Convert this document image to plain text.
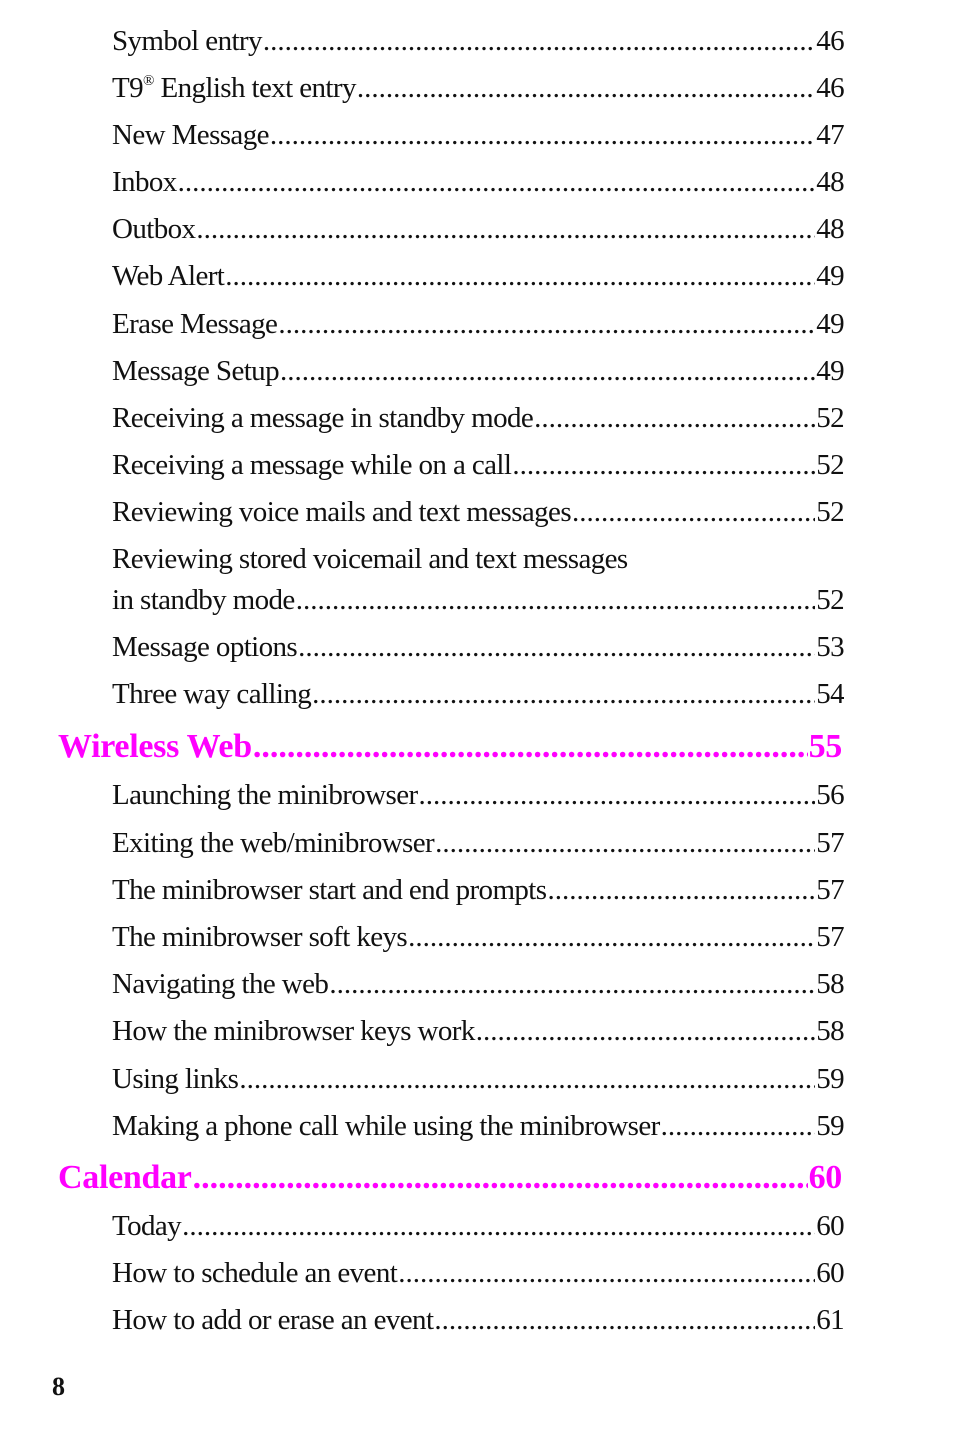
Symbol entry .....	46
T9® English text entry .....	46
New Message .....	47
Inbox .....	48
Outbox .....	48
Web Alert .....	49
Erase Message .....	49
Message Setup .....	49
Receiving a message in standby mode .....	52
Receiving a message while on a call .....	52
Reviewing voice mails and text messages .....	52
Reviewing stored voicemail and text messages
in standby mode .....	52
Message options .....	53
Three way calling .....	54
Wireless Web .....	55
Launching the minibrowser .....	56
Exiting the web/minibrowser .....	57
The minibrowser start and end prompts .....	57
The minibrowser soft keys .....	57
Navigating the web .....	58
How the minibrowser keys work .....	58
Using links .....	59
Making a phone call while using the minibrowser .....	59
Calendar .....	60
Today .....	60
How to schedule an event .....	60
How to add or erase an event .....	61
8
